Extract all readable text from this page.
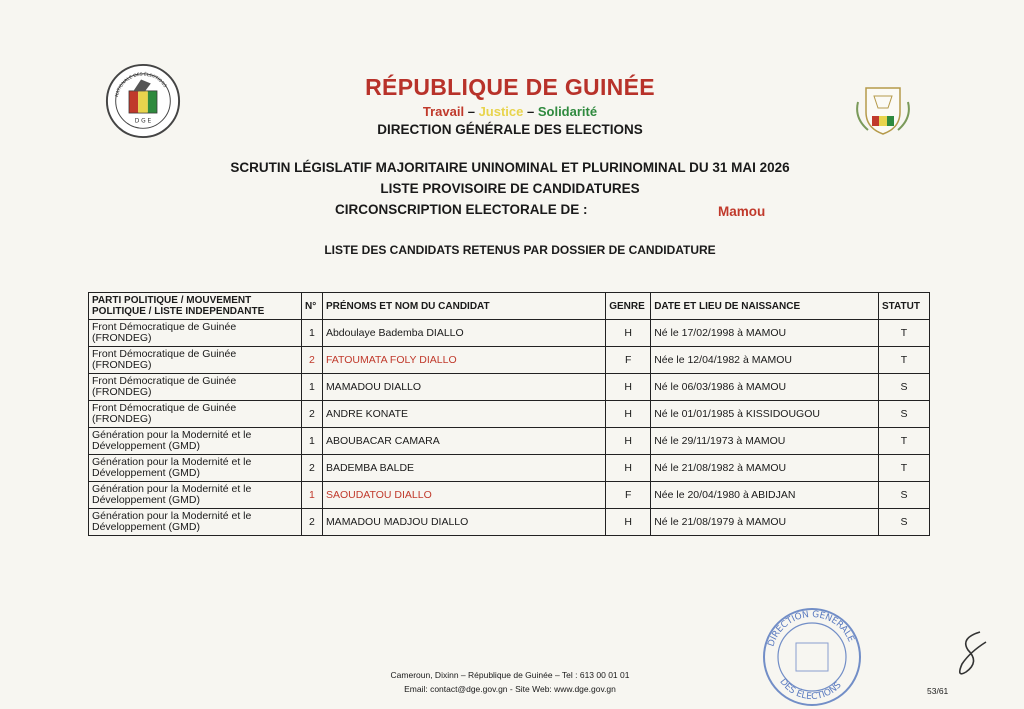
D G E
NATIONALE DES ÉLECTIONS	RÉPUBLIQUE DE GUINÉE
Travail – Justice – Solidarité
DIRECTION GÉNÉRALE DES ELECTIONS
SCRUTIN LÉGISLATIF MAJORITAIRE UNINOMINAL ET PLURINOMINAL DU 31 MAI 2026
LISTE PROVISOIRE DE CANDIDATURES
CIRCONSCRIPTION ELECTORALE DE :	Mamou
LISTE DES CANDIDATS RETENUS PAR DOSSIER DE CANDIDATURE
PARTI POLITIQUE / MOUVEMENT POLITIQUE / LISTE INDEPENDANTE	N°	PRÉNOMS ET NOM DU CANDIDAT	GENRE	DATE ET LIEU DE NAISSANCE	STATUT
Front Démocratique de Guinée (FRONDEG)	1	Abdoulaye Bademba DIALLO	H	Né le 17/02/1998 à MAMOU	T
Front Démocratique de Guinée (FRONDEG)	2	FATOUMATA FOLY DIALLO	F	Née le 12/04/1982 à MAMOU	T
Front Démocratique de Guinée (FRONDEG)	1	MAMADOU DIALLO	H	Né le 06/03/1986 à MAMOU	S
Front Démocratique de Guinée (FRONDEG)	2	ANDRE KONATE	H	Né le 01/01/1985 à KISSIDOUGOU	S
Génération pour la Modernité et le Développement (GMD)	1	ABOUBACAR CAMARA	H	Né le 29/11/1973 à MAMOU	T
Génération pour la Modernité et le Développement (GMD)	2	BADEMBA BALDE	H	Né le 21/08/1982 à MAMOU	T
Génération pour la Modernité et le Développement (GMD)	1	SAOUDATOU DIALLO	F	Née le 20/04/1980 à ABIDJAN	S
Génération pour la Modernité et le Développement (GMD)	2	MAMADOU MADJOU DIALLO	H	Né le 21/08/1979 à MAMOU	S
DIRECTION GÉNÉRALE
DES ÉLECTIONS
Cameroun, Dixinn – République de Guinée – Tel : 613 00 01 01
Email: contact@dge.gov.gn - Site Web: www.dge.gov.gn	53/61
